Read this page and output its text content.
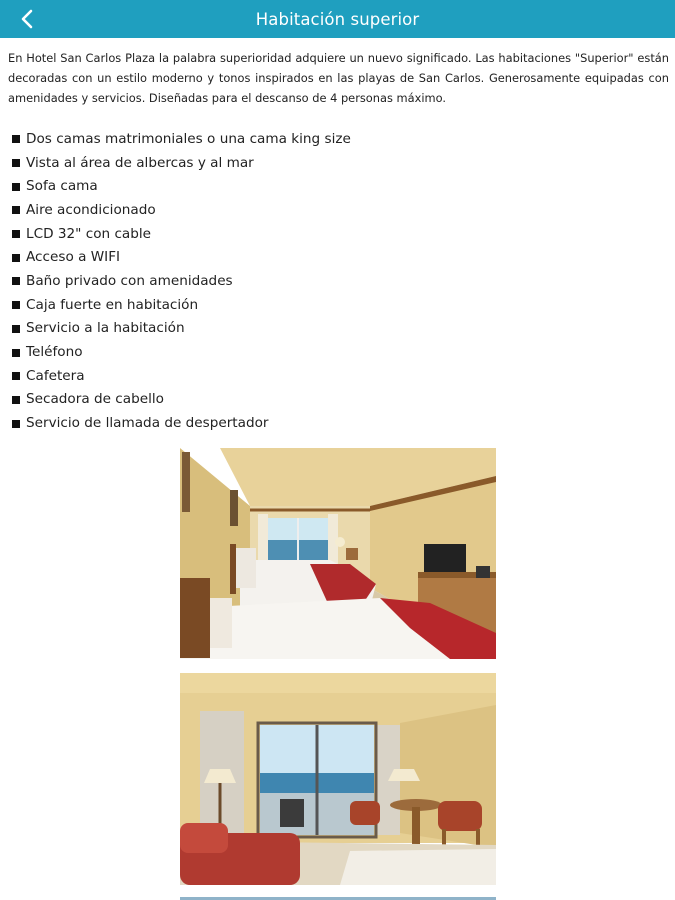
Habitación superior

En Hotel San Carlos Plaza la palabra superioridad adquiere un nuevo significado. Las habitaciones "Superior" están decoradas con un estilo moderno y tonos inspirados en las playas de San Carlos. Generosamente equipadas con amenidades y servicios. Diseñadas para el descanso de 4 personas máximo.

Dos camas matrimoniales o una cama king size
Vista al área de albercas y al mar
Sofa cama
Aire acondicionado
LCD 32" con cable
Acceso a WIFI
Baño privado con amenidades
Caja fuerte en habitación
Servicio a la habitación
Teléfono
Cafetera
Secadora de cabello
Servicio de llamada de despertador
